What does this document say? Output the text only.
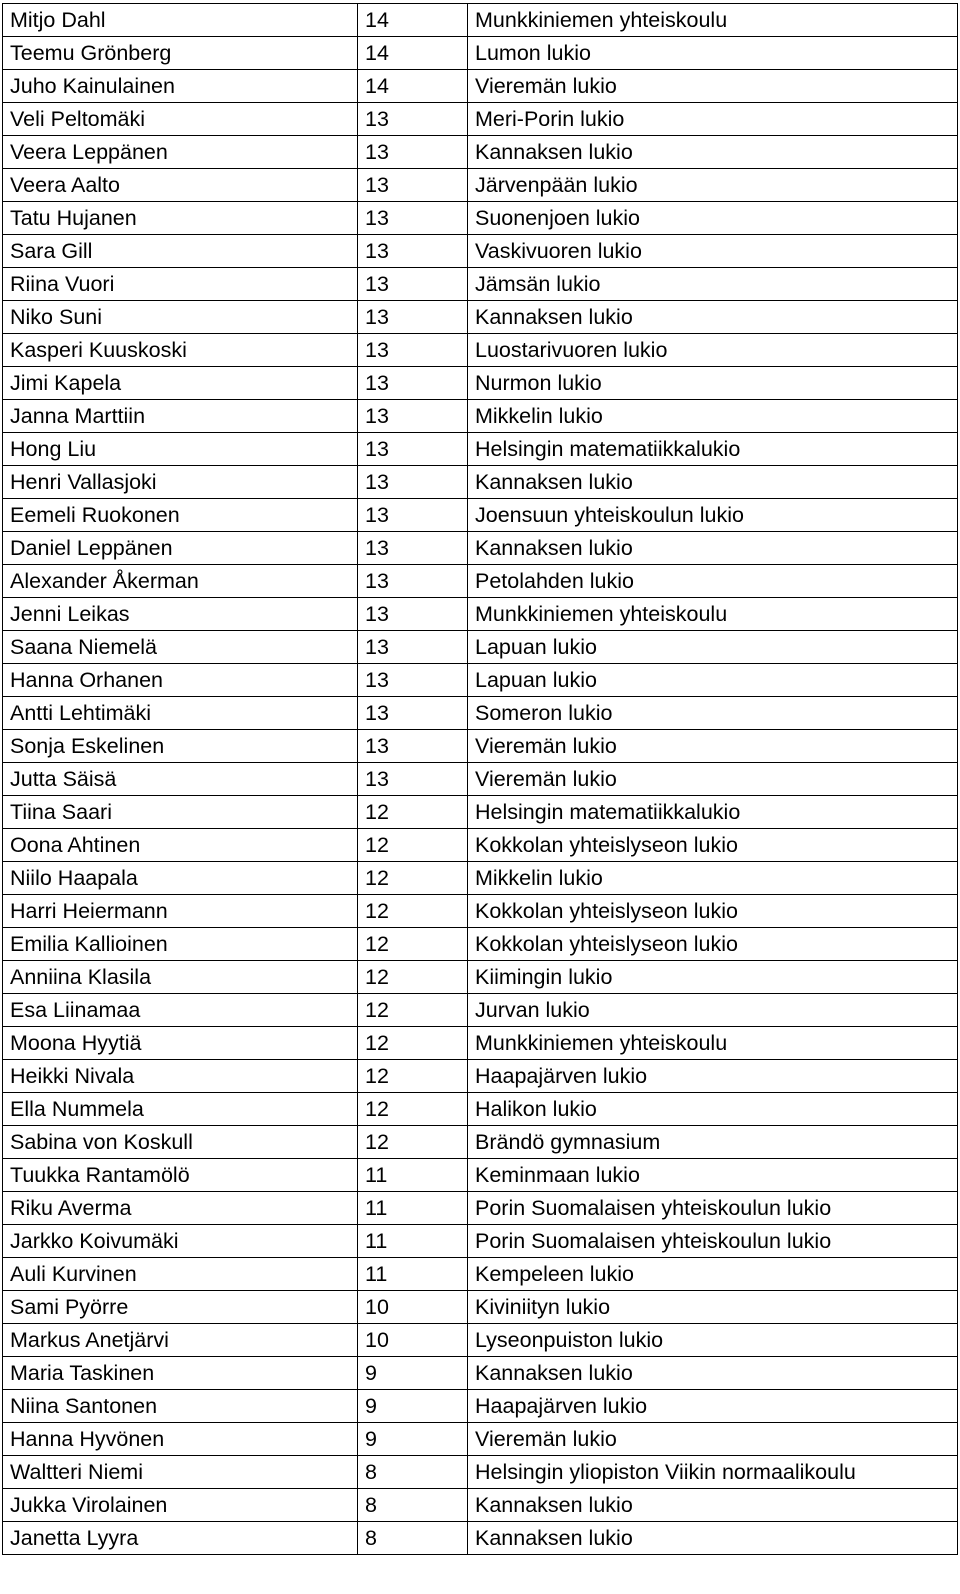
Mitjo Dahl	14	Munkkiniemen yhteiskoulu
Teemu Grönberg	14	Lumon lukio
Juho Kainulainen	14	Vieremän lukio
Veli Peltomäki	13	Meri-Porin lukio
Veera Leppänen	13	Kannaksen lukio
Veera Aalto	13	Järvenpään lukio
Tatu Hujanen	13	Suonenjoen lukio
Sara Gill	13	Vaskivuoren lukio
Riina Vuori	13	Jämsän lukio
Niko Suni	13	Kannaksen lukio
Kasperi Kuuskoski	13	Luostarivuoren lukio
Jimi Kapela	13	Nurmon lukio
Janna Marttiin	13	Mikkelin lukio
Hong Liu	13	Helsingin matematiikkalukio
Henri Vallasjoki	13	Kannaksen lukio
Eemeli Ruokonen	13	Joensuun yhteiskoulun lukio
Daniel Leppänen	13	Kannaksen lukio
Alexander Åkerman	13	Petolahden lukio
Jenni Leikas	13	Munkkiniemen yhteiskoulu
Saana Niemelä	13	Lapuan lukio
Hanna Orhanen	13	Lapuan lukio
Antti Lehtimäki	13	Someron lukio
Sonja Eskelinen	13	Vieremän lukio
Jutta Säisä	13	Vieremän lukio
Tiina Saari	12	Helsingin matematiikkalukio
Oona Ahtinen	12	Kokkolan yhteislyseon lukio
Niilo Haapala	12	Mikkelin lukio
Harri Heiermann	12	Kokkolan yhteislyseon lukio
Emilia Kallioinen	12	Kokkolan yhteislyseon lukio
Anniina Klasila	12	Kiimingin lukio
Esa Liinamaa	12	Jurvan lukio
Moona Hyytiä	12	Munkkiniemen yhteiskoulu
Heikki Nivala	12	Haapajärven lukio
Ella Nummela	12	Halikon lukio
Sabina von Koskull	12	Brändö gymnasium
Tuukka Rantamölö	11	Keminmaan lukio
Riku Averma	11	Porin Suomalaisen yhteiskoulun lukio
Jarkko Koivumäki	11	Porin Suomalaisen yhteiskoulun lukio
Auli Kurvinen	11	Kempeleen lukio
Sami Pyörre	10	Kiviniityn lukio
Markus Anetjärvi	10	Lyseonpuiston lukio
Maria Taskinen	9	Kannaksen lukio
Niina Santonen	9	Haapajärven lukio
Hanna Hyvönen	9	Vieremän lukio
Waltteri Niemi	8	Helsingin yliopiston Viikin normaalikoulu
Jukka Virolainen	8	Kannaksen lukio
Janetta Lyyra	8	Kannaksen lukio
